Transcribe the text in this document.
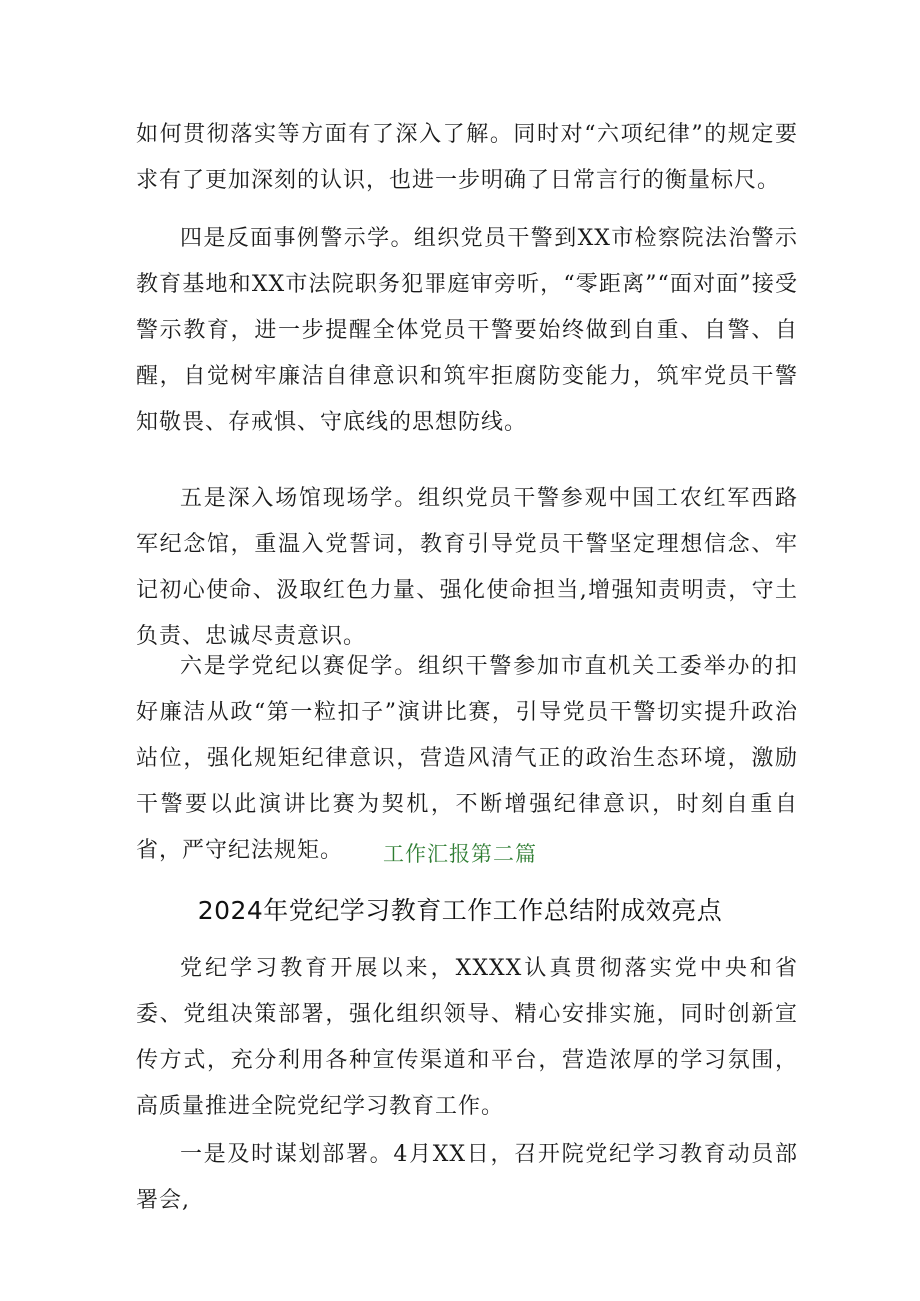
如何贯彻落实等方面有了深入了解。同时对“六项纪律”的规定要求有了更加深刻的认识，也进一步明确了日常言行的衡量标尺。

四是反面事例警示学。组织党员干警到XX市检察院法治警示教育基地和XX市法院职务犯罪庭审旁听，“零距离”“面对面”接受警示教育，进一步提醒全体党员干警要始终做到自重、自警、自醒，自觉树牢廉洁自律意识和筑牢拒腐防变能力，筑牢党员干警知敬畏、存戒惧、守底线的思想防线。

五是深入场馆现场学。组织党员干警参观中国工农红军西路军纪念馆，重温入党誓词，教育引导党员干警坚定理想信念、牢记初心使命、汲取红色力量、强化使命担当,增强知责明责，守土负责、忠诚尽责意识。

六是学党纪以赛促学。组织干警参加市直机关工委举办的扣好廉洁从政“第一粒扣子”演讲比赛，引导党员干警切实提升政治站位，强化规矩纪律意识，营造风清气正的政治生态环境，激励干警要以此演讲比赛为契机，不断增强纪律意识，时刻自重自省，严守纪法规矩。	工作汇报第二篇

2024年党纪学习教育工作工作总结附成效亮点

党纪学习教育开展以来，XXXX认真贯彻落实党中央和省委、党组决策部署，强化组织领导、精心安排实施，同时创新宣传方式，充分利用各种宣传渠道和平台，营造浓厚的学习氛围，高质量推进全院党纪学习教育工作。

一是及时谋划部署。4月XX日，召开院党纪学习教育动员部署会,
